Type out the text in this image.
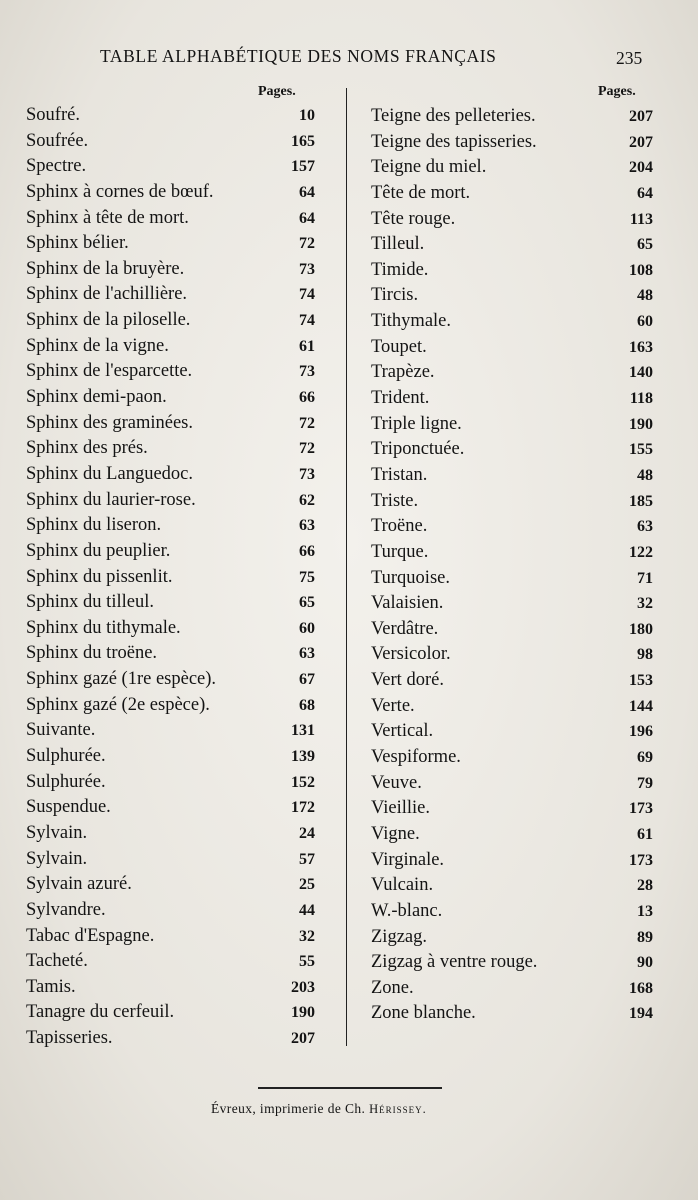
TABLE ALPHABÉTIQUE DES NOMS FRANÇAIS	235
Pages.	Pages.
Soufré.	10
Soufrée.	165
Spectre.	157
Sphinx à cornes de bœuf.	64
Sphinx à tête de mort.	64
Sphinx bélier.	72
Sphinx de la bruyère.	73
Sphinx de l'achillière.	74
Sphinx de la piloselle.	74
Sphinx de la vigne.	61
Sphinx de l'esparcette.	73
Sphinx demi-paon.	66
Sphinx des graminées.	72
Sphinx des prés.	72
Sphinx du Languedoc.	73
Sphinx du laurier-rose.	62
Sphinx du liseron.	63
Sphinx du peuplier.	66
Sphinx du pissenlit.	75
Sphinx du tilleul.	65
Sphinx du tithymale.	60
Sphinx du troëne.	63
Sphinx gazé (1re espèce).	67
Sphinx gazé (2e espèce).	68
Suivante.	131
Sulphurée.	139
Sulphurée.	152
Suspendue.	172
Sylvain.	24
Sylvain.	57
Sylvain azuré.	25
Sylvandre.	44
Tabac d'Espagne.	32
Tacheté.	55
Tamis.	203
Tanagre du cerfeuil.	190
Tapisseries.	207
Teigne des pelleteries.	207
Teigne des tapisseries.	207
Teigne du miel.	204
Tête de mort.	64
Tête rouge.	113
Tilleul.	65
Timide.	108
Tircis.	48
Tithymale.	60
Toupet.	163
Trapèze.	140
Trident.	118
Triple ligne.	190
Triponctuée.	155
Tristan.	48
Triste.	185
Troëne.	63
Turque.	122
Turquoise.	71
Valaisien.	32
Verdâtre.	180
Versicolor.	98
Vert doré.	153
Verte.	144
Vertical.	196
Vespiforme.	69
Veuve.	79
Vieillie.	173
Vigne.	61
Virginale.	173
Vulcain.	28
W.-blanc.	13
Zigzag.	89
Zigzag à ventre rouge.	90
Zone.	168
Zone blanche.	194
Évreux, imprimerie de Ch. Hérissey.
